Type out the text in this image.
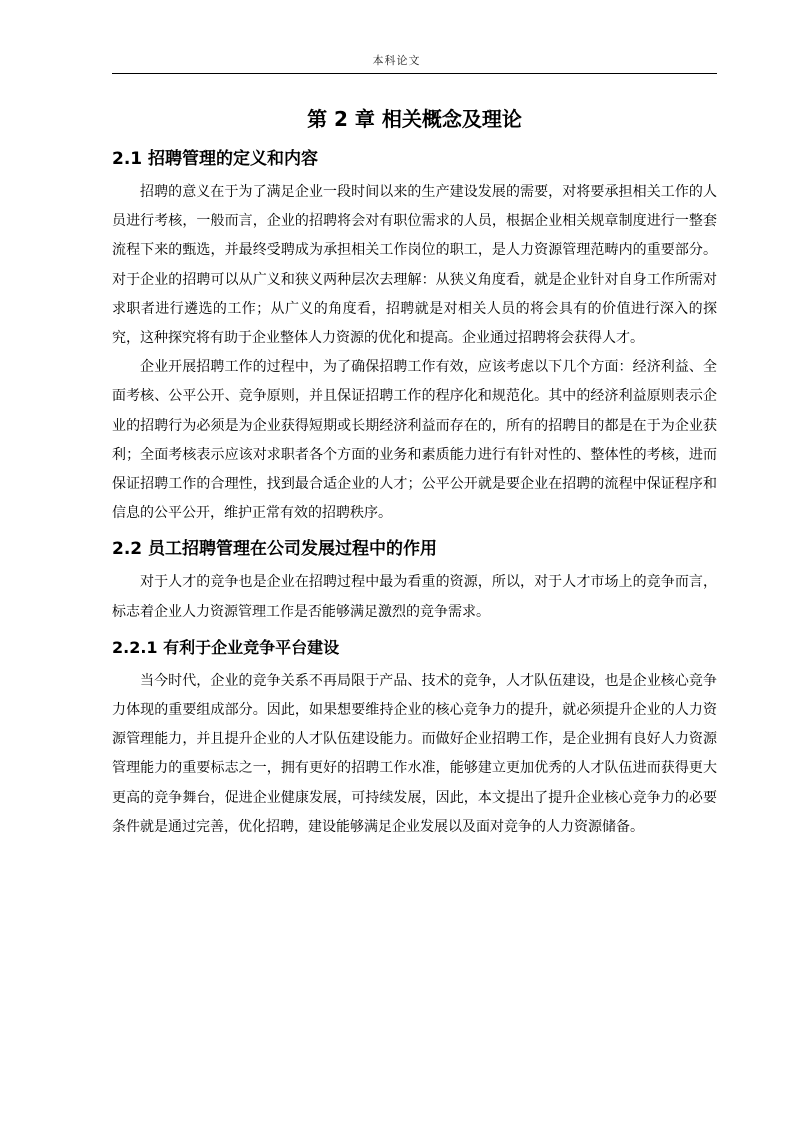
本科论文
第 2 章 相关概念及理论
2.1 招聘管理的定义和内容

招聘的意义在于为了满足企业一段时间以来的生产建设发展的需要，对将要承担相关工作的人员进行考核，一般而言，企业的招聘将会对有职位需求的人员，根据企业相关规章制度进行一整套流程下来的甄选，并最终受聘成为承担相关工作岗位的职工，是人力资源管理范畴内的重要部分。对于企业的招聘可以从广义和狭义两种层次去理解：从狭义角度看，就是企业针对自身工作所需对求职者进行遴选的工作；从广义的角度看，招聘就是对相关人员的将会具有的价值进行深入的探究，这种探究将有助于企业整体人力资源的优化和提高。企业通过招聘将会获得人才。

企业开展招聘工作的过程中，为了确保招聘工作有效，应该考虑以下几个方面：经济利益、全面考核、公平公开、竞争原则，并且保证招聘工作的程序化和规范化。其中的经济利益原则表示企业的招聘行为必须是为企业获得短期或长期经济利益而存在的，所有的招聘目的都是在于为企业获利；全面考核表示应该对求职者各个方面的业务和素质能力进行有针对性的、整体性的考核，进而保证招聘工作的合理性，找到最合适企业的人才；公平公开就是要企业在招聘的流程中保证程序和信息的公平公开，维护正常有效的招聘秩序。

2.2 员工招聘管理在公司发展过程中的作用

对于人才的竞争也是企业在招聘过程中最为看重的资源，所以，对于人才市场上的竞争而言，标志着企业人力资源管理工作是否能够满足激烈的竞争需求。

2.2.1 有利于企业竞争平台建设

当今时代，企业的竞争关系不再局限于产品、技术的竞争，人才队伍建设，也是企业核心竞争力体现的重要组成部分。因此，如果想要维持企业的核心竞争力的提升，就必须提升企业的人力资源管理能力，并且提升企业的人才队伍建设能力。而做好企业招聘工作，是企业拥有良好人力资源管理能力的重要标志之一，拥有更好的招聘工作水准，能够建立更加优秀的人才队伍进而获得更大更高的竞争舞台，促进企业健康发展，可持续发展，因此，本文提出了提升企业核心竞争力的必要条件就是通过完善，优化招聘，建设能够满足企业发展以及面对竞争的人力资源储备。
